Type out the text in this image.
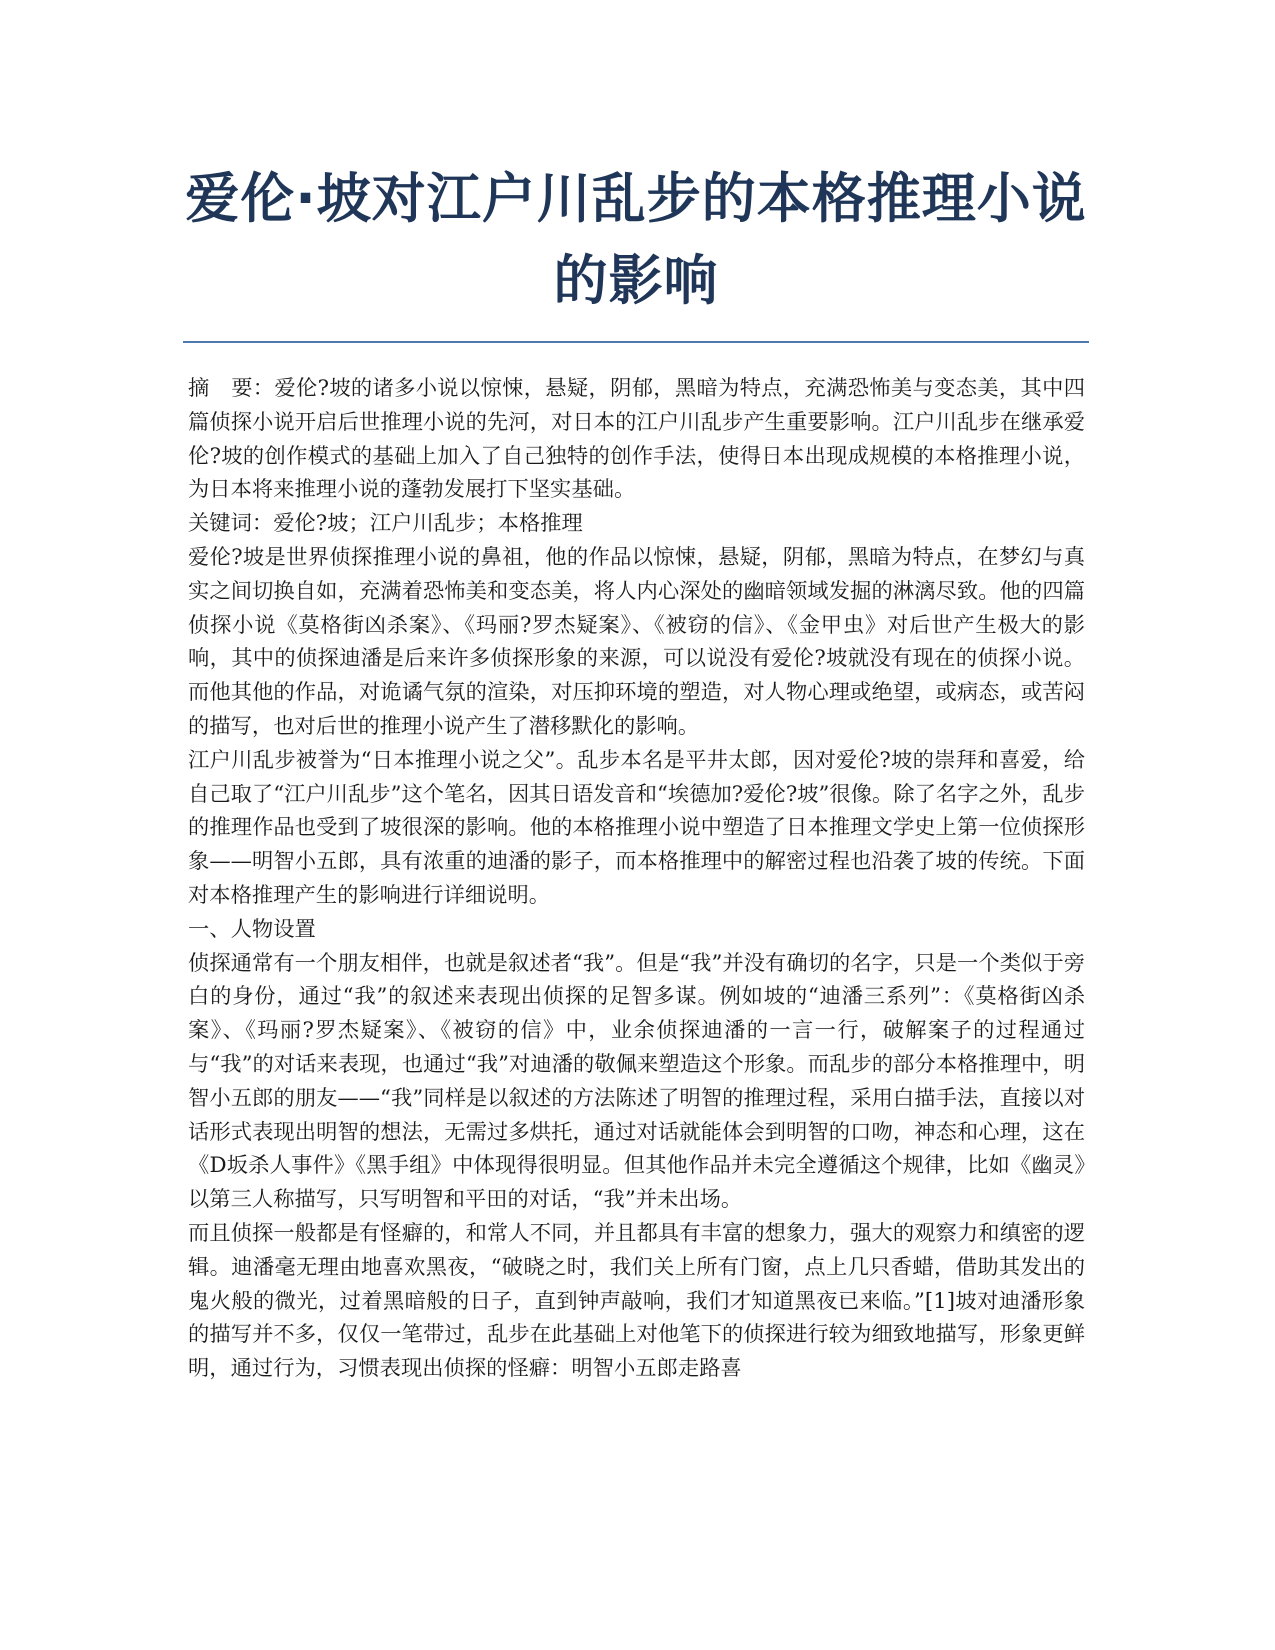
爱伦·坡对江户川乱步的本格推理小说的影响

摘　要：爱伦?坡的诸多小说以惊悚，悬疑，阴郁，黑暗为特点，充满恐怖美与变态美，其中四篇侦探小说开启后世推理小说的先河，对日本的江户川乱步产生重要影响。江户川乱步在继承爱伦?坡的创作模式的基础上加入了自己独特的创作手法，使得日本出现成规模的本格推理小说，为日本将来推理小说的蓬勃发展打下坚实基础。

关键词：爱伦?坡；江户川乱步；本格推理

爱伦?坡是世界侦探推理小说的鼻祖，他的作品以惊悚，悬疑，阴郁，黑暗为特点，在梦幻与真实之间切换自如，充满着恐怖美和变态美，将人内心深处的幽暗领域发掘的淋漓尽致。他的四篇侦探小说《莫格街凶杀案》、《玛丽?罗杰疑案》、《被窃的信》、《金甲虫》对后世产生极大的影响，其中的侦探迪潘是后来许多侦探形象的来源，可以说没有爱伦?坡就没有现在的侦探小说。而他其他的作品，对诡谲气氛的渲染，对压抑环境的塑造，对人物心理或绝望，或病态，或苦闷的描写，也对后世的推理小说产生了潜移默化的影响。

江户川乱步被誉为“日本推理小说之父”。乱步本名是平井太郎，因对爱伦?坡的崇拜和喜爱，给自己取了“江户川乱步”这个笔名，因其日语发音和“埃德加?爱伦?坡”很像。除了名字之外，乱步的推理作品也受到了坡很深的影响。他的本格推理小说中塑造了日本推理文学史上第一位侦探形象——明智小五郎，具有浓重的迪潘的影子，而本格推理中的解密过程也沿袭了坡的传统。下面对本格推理产生的影响进行详细说明。

一、人物设置

侦探通常有一个朋友相伴，也就是叙述者“我”。但是“我”并没有确切的名字，只是一个类似于旁白的身份，通过“我”的叙述来表现出侦探的足智多谋。例如坡的“迪潘三系列”：《莫格街凶杀案》、《玛丽?罗杰疑案》、《被窃的信》中，业余侦探迪潘的一言一行，破解案子的过程通过与“我”的对话来表现，也通过“我”对迪潘的敬佩来塑造这个形象。而乱步的部分本格推理中，明智小五郎的朋友——“我”同样是以叙述的方法陈述了明智的推理过程，采用白描手法，直接以对话形式表现出明智的想法，无需过多烘托，通过对话就能体会到明智的口吻，神态和心理，这在《D坂杀人事件》《黑手组》中体现得很明显。但其他作品并未完全遵循这个规律，比如《幽灵》以第三人称描写，只写明智和平田的对话，“我”并未出场。

而且侦探一般都是有怪癖的，和常人不同，并且都具有丰富的想象力，强大的观察力和缜密的逻辑。迪潘毫无理由地喜欢黑夜，“破晓之时，我们关上所有门窗，点上几只香蜡，借助其发出的鬼火般的微光，过着黑暗般的日子，直到钟声敲响，我们才知道黑夜已来临。”[1]坡对迪潘形象的描写并不多，仅仅一笔带过，乱步在此基础上对他笔下的侦探进行较为细致地描写，形象更鲜明，通过行为，习惯表现出侦探的怪癖：明智小五郎走路喜
